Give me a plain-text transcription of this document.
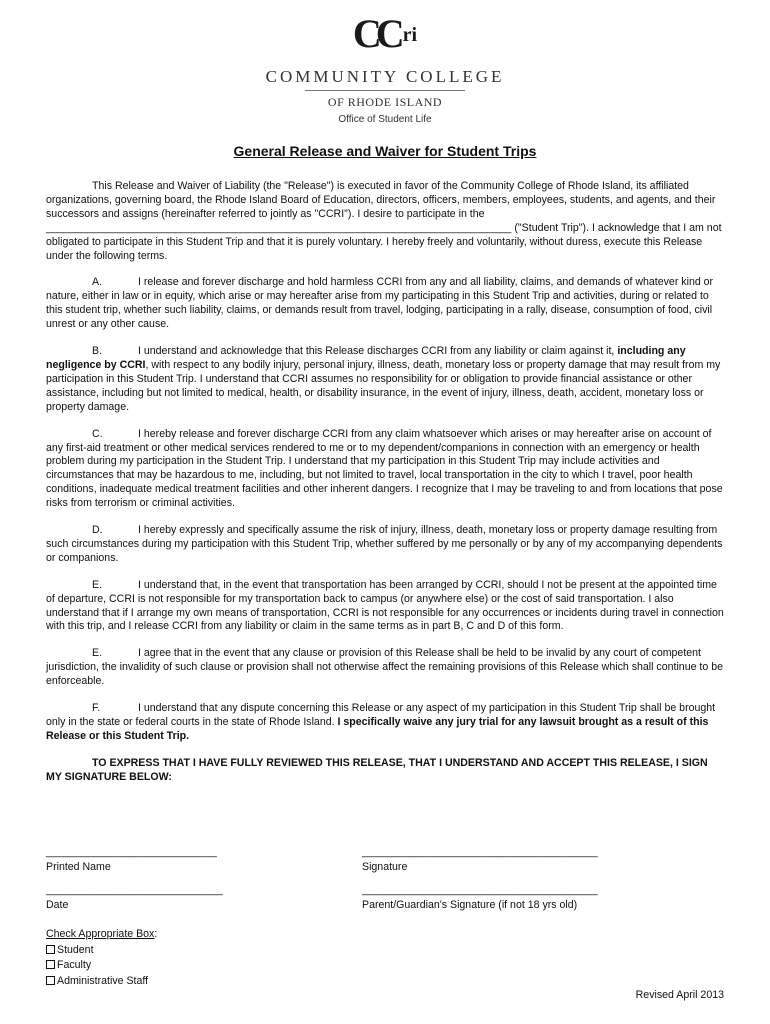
CC ri
COMMUNITY COLLEGE
OF RHODE ISLAND
Office of Student Life
General Release and Waiver for Student Trips

This Release and Waiver of Liability (the "Release") is executed in favor of the Community College of Rhode Island, its affiliated organizations, governing board, the Rhode Island Board of Education, directors, officers, members, employees, students, and agents, and their successors and assigns (hereinafter referred to jointly as "CCRI"). I desire to participate in the _______________________________________________________________________________ ("Student Trip"). I acknowledge that I am not obligated to participate in this Student Trip and that it is purely voluntary. I hereby freely and voluntarily, without duress, execute this Release under the following terms.

A.	I release and forever discharge and hold harmless CCRI from any and all liability, claims, and demands of whatever kind or nature, either in law or in equity, which arise or may hereafter arise from my participating in this Student Trip and activities, during or related to this student trip, whether such liability, claims, or demands result from travel, lodging, participating in a rally, disease, consumption of food, civil unrest or any other cause.

B.	I understand and acknowledge that this Release discharges CCRI from any liability or claim against it, including any negligence by CCRI, with respect to any bodily injury, personal injury, illness, death, monetary loss or property damage that may result from my participation in this Student Trip. I understand that CCRI assumes no responsibility for or obligation to provide financial assistance or other assistance, including but not limited to medical, health, or disability insurance, in the event of injury, illness, death, accident, monetary loss or property damage.

C.	I hereby release and forever discharge CCRI from any claim whatsoever which arises or may hereafter arise on account of any first-aid treatment or other medical services rendered to me or to my dependent/companions in connection with an emergency or health problem during my participation in the Student Trip. I understand that my participation in this Student Trip may include activities and circumstances that may be hazardous to me, including, but not limited to travel, local transportation in the city to which I travel, poor health conditions, inadequate medical treatment facilities and other inherent dangers. I recognize that I may be traveling to and from locations that pose risks from terrorism or criminal activities.

D.	I hereby expressly and specifically assume the risk of injury, illness, death, monetary loss or property damage resulting from such circumstances during my participation with this Student Trip, whether suffered by me personally or by any of my accompanying dependents or companions.

E.	I understand that, in the event that transportation has been arranged by CCRI, should I not be present at the appointed time of departure, CCRI is not responsible for my transportation back to campus (or anywhere else) or the cost of said transportation. I also understand that if I arrange my own means of transportation, CCRI is not responsible for any occurrences or incidents during travel in connection with this trip, and I release CCRI from any liability or claim in the same terms as in part B, C and D of this form.

E.	I agree that in the event that any clause or provision of this Release shall be held to be invalid by any court of competent jurisdiction, the invalidity of such clause or provision shall not otherwise affect the remaining provisions of this Release which shall continue to be enforceable.

F.	I understand that any dispute concerning this Release or any aspect of my participation in this Student Trip shall be brought only in the state or federal courts in the state of Rhode Island. I specifically waive any jury trial for any lawsuit brought as a result of this Release or this Student Trip.

TO EXPRESS THAT I HAVE FULLY REVIEWED THIS RELEASE, THAT I UNDERSTAND AND ACCEPT THIS RELEASE, I SIGN MY SIGNATURE BELOW:

_____________________________
Printed Name
________________________________________
Signature
______________________________
Date
________________________________________
Parent/Guardian's Signature (if not 18 yrs old)
Check Appropriate Box:
Student
Faculty
Administrative Staff
Revised April 2013
